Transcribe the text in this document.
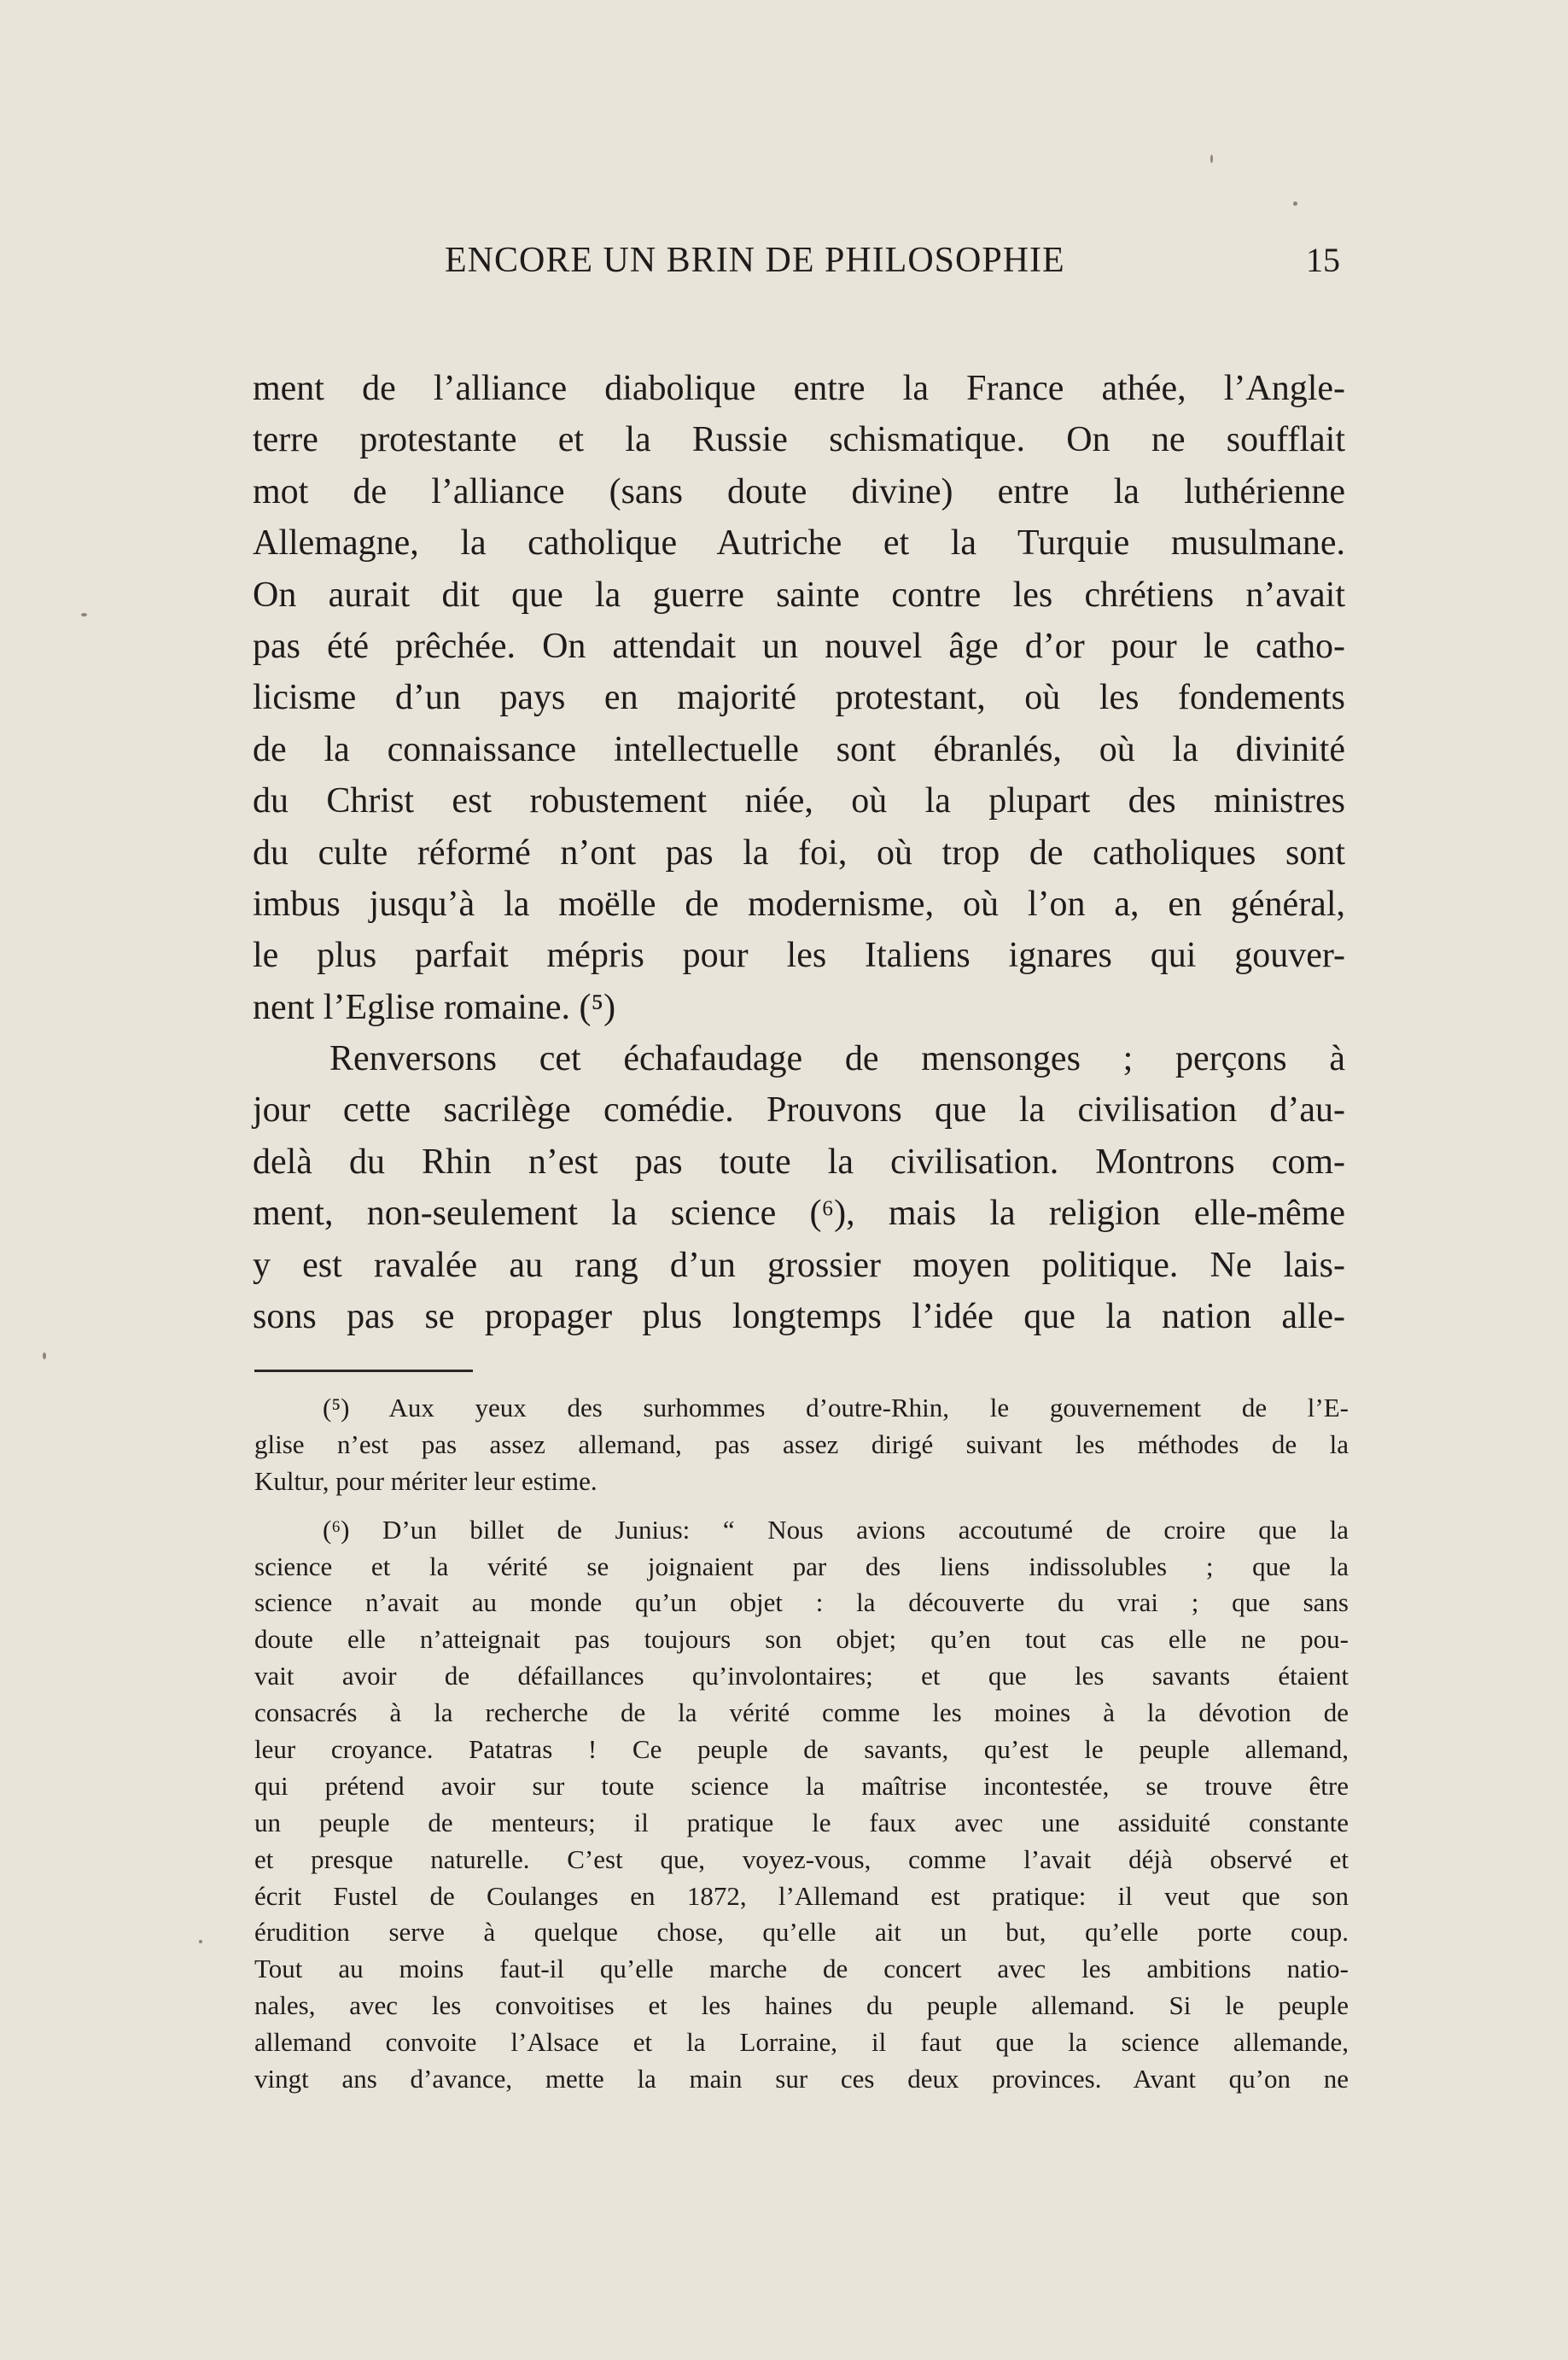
ENCORE UN BRIN DE PHILOSOPHIE	15
ment de l’alliance diabolique entre la France athée, l’Angle-
terre protestante et la Russie schismatique. On ne soufflait
mot de l’alliance (sans doute divine) entre la luthérienne
Allemagne, la catholique Autriche et la Turquie musulmane.
On aurait dit que la guerre sainte contre les chrétiens n’avait
pas été prêchée. On attendait un nouvel âge d’or pour le catho-
licisme d’un pays en majorité protestant, où les fondements
de la connaissance intellectuelle sont ébranlés, où la divinité
du Christ est robustement niée, où la plupart des ministres
du culte réformé n’ont pas la foi, où trop de catholiques sont
imbus jusqu’à la moëlle de modernisme, où l’on a, en général,
le plus parfait mépris pour les Italiens ignares qui gouver-
nent l’Eglise romaine. (⁵)
Renversons cet échafaudage de mensonges ; perçons à
jour cette sacrilège comédie. Prouvons que la civilisation d’au-
delà du Rhin n’est pas toute la civilisation. Montrons com-
ment, non-seulement la science (⁶), mais la religion elle-même
y est ravalée au rang d’un grossier moyen politique. Ne lais-
sons pas se propager plus longtemps l’idée que la nation alle-
(⁵) Aux yeux des surhommes d’outre-Rhin, le gouvernement de l’E-
glise n’est pas assez allemand, pas assez dirigé suivant les méthodes de la
Kultur, pour mériter leur estime.
(⁶) D’un billet de Junius: “ Nous avions accoutumé de croire que la
science et la vérité se joignaient par des liens indissolubles ; que la
science n’avait au monde qu’un objet : la découverte du vrai ; que sans
doute elle n’atteignait pas toujours son objet; qu’en tout cas elle ne pou-
vait avoir de défaillances qu’involontaires; et que les savants étaient
consacrés à la recherche de la vérité comme les moines à la dévotion de
leur croyance. Patatras ! Ce peuple de savants, qu’est le peuple allemand,
qui prétend avoir sur toute science la maîtrise incontestée, se trouve être
un peuple de menteurs; il pratique le faux avec une assiduité constante
et presque naturelle. C’est que, voyez-vous, comme l’avait déjà observé et
écrit Fustel de Coulanges en 1872, l’Allemand est pratique: il veut que son
érudition serve à quelque chose, qu’elle ait un but, qu’elle porte coup.
Tout au moins faut-il qu’elle marche de concert avec les ambitions natio-
nales, avec les convoitises et les haines du peuple allemand. Si le peuple
allemand convoite l’Alsace et la Lorraine, il faut que la science allemande,
vingt ans d’avance, mette la main sur ces deux provinces. Avant qu’on ne
